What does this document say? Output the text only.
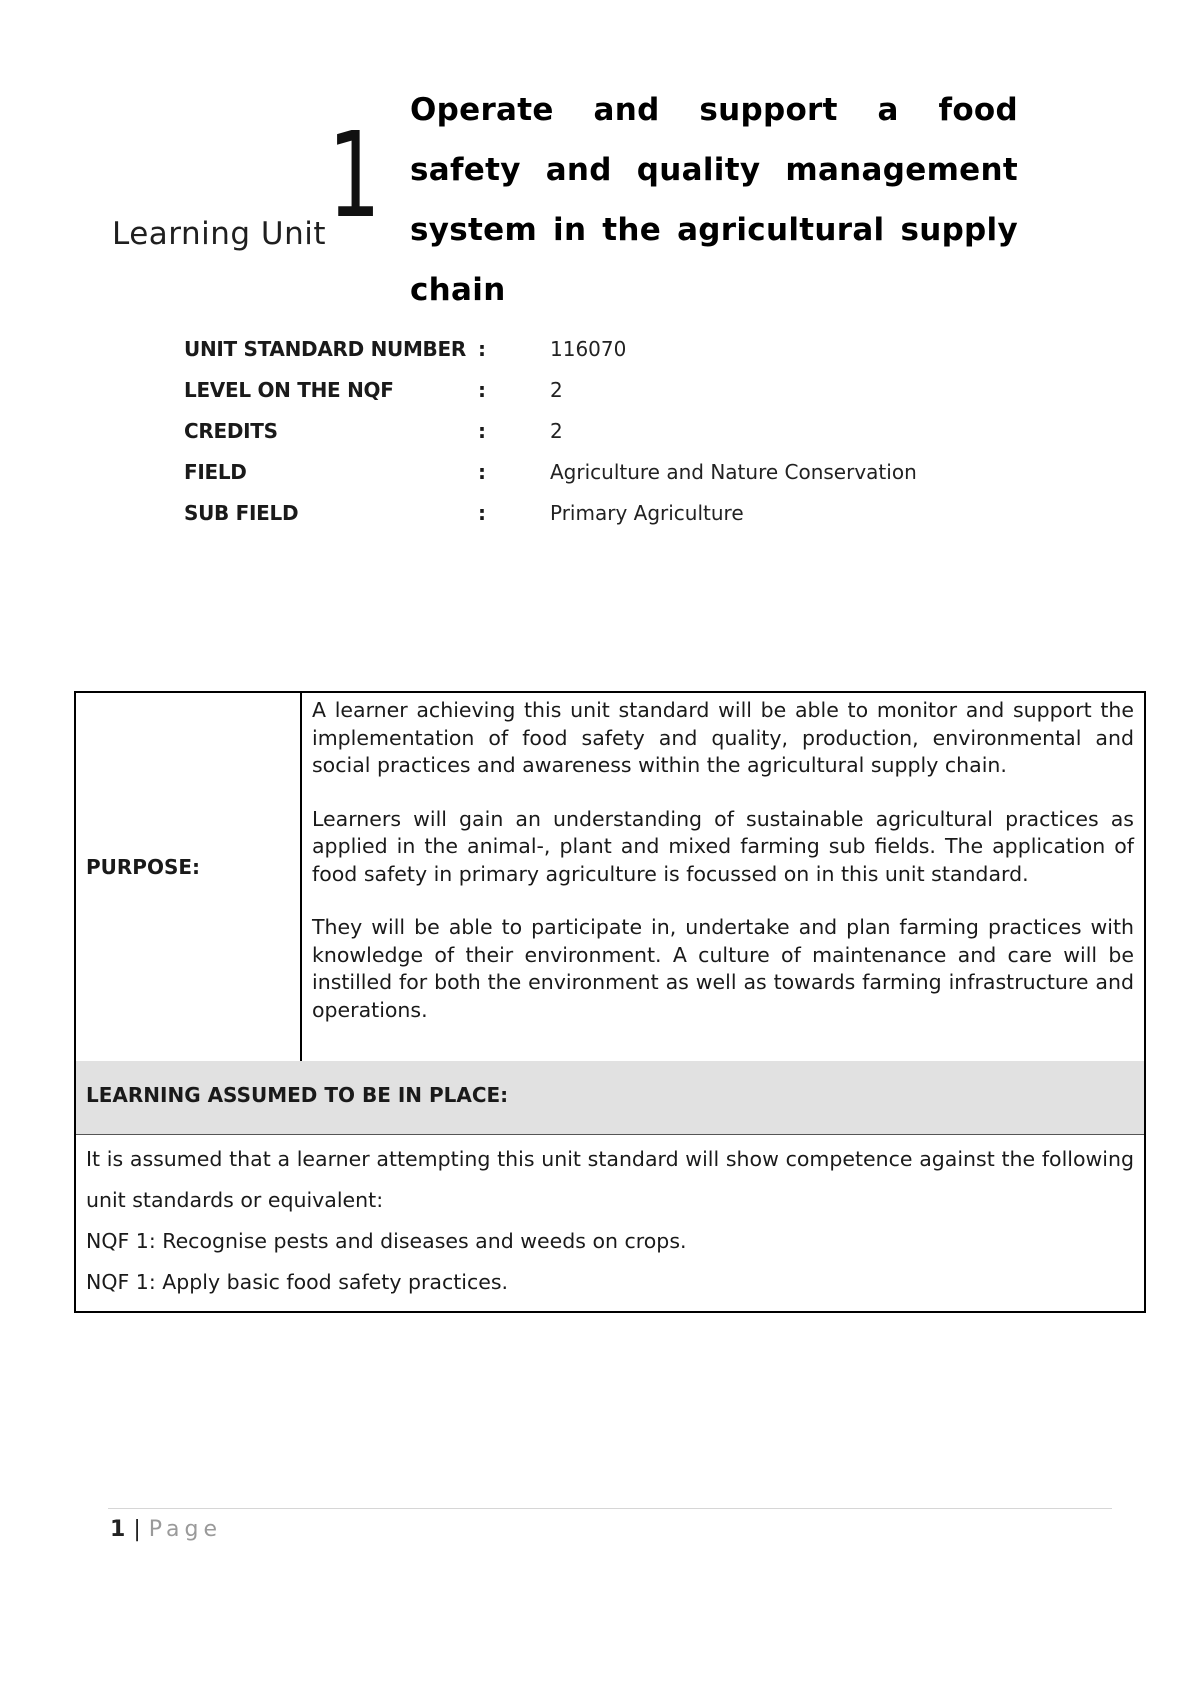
Learning Unit 1 Operate and support a food safety and quality management system in the agricultural supply chain
UNIT STANDARD NUMBER :	116070
LEVEL ON THE NQF	:	2
CREDITS	:	2
FIELD	:	Agriculture and Nature Conservation
SUB FIELD	:	Primary Agriculture
PURPOSE:

A learner achieving this unit standard will be able to monitor and support the implementation of food safety and quality, production, environmental and social practices and awareness within the agricultural supply chain.

Learners will gain an understanding of sustainable agricultural practices as applied in the animal-, plant and mixed farming sub fields. The application of food safety in primary agriculture is focussed on in this unit standard.

They will be able to participate in, undertake and plan farming practices with knowledge of their environment. A culture of maintenance and care will be instilled for both the environment as well as towards farming infrastructure and operations.

LEARNING ASSUMED TO BE IN PLACE:

It is assumed that a learner attempting this unit standard will show competence against the following unit standards or equivalent:

NQF 1: Recognise pests and diseases and weeds on crops.

NQF 1: Apply basic food safety practices.

1 | Page
